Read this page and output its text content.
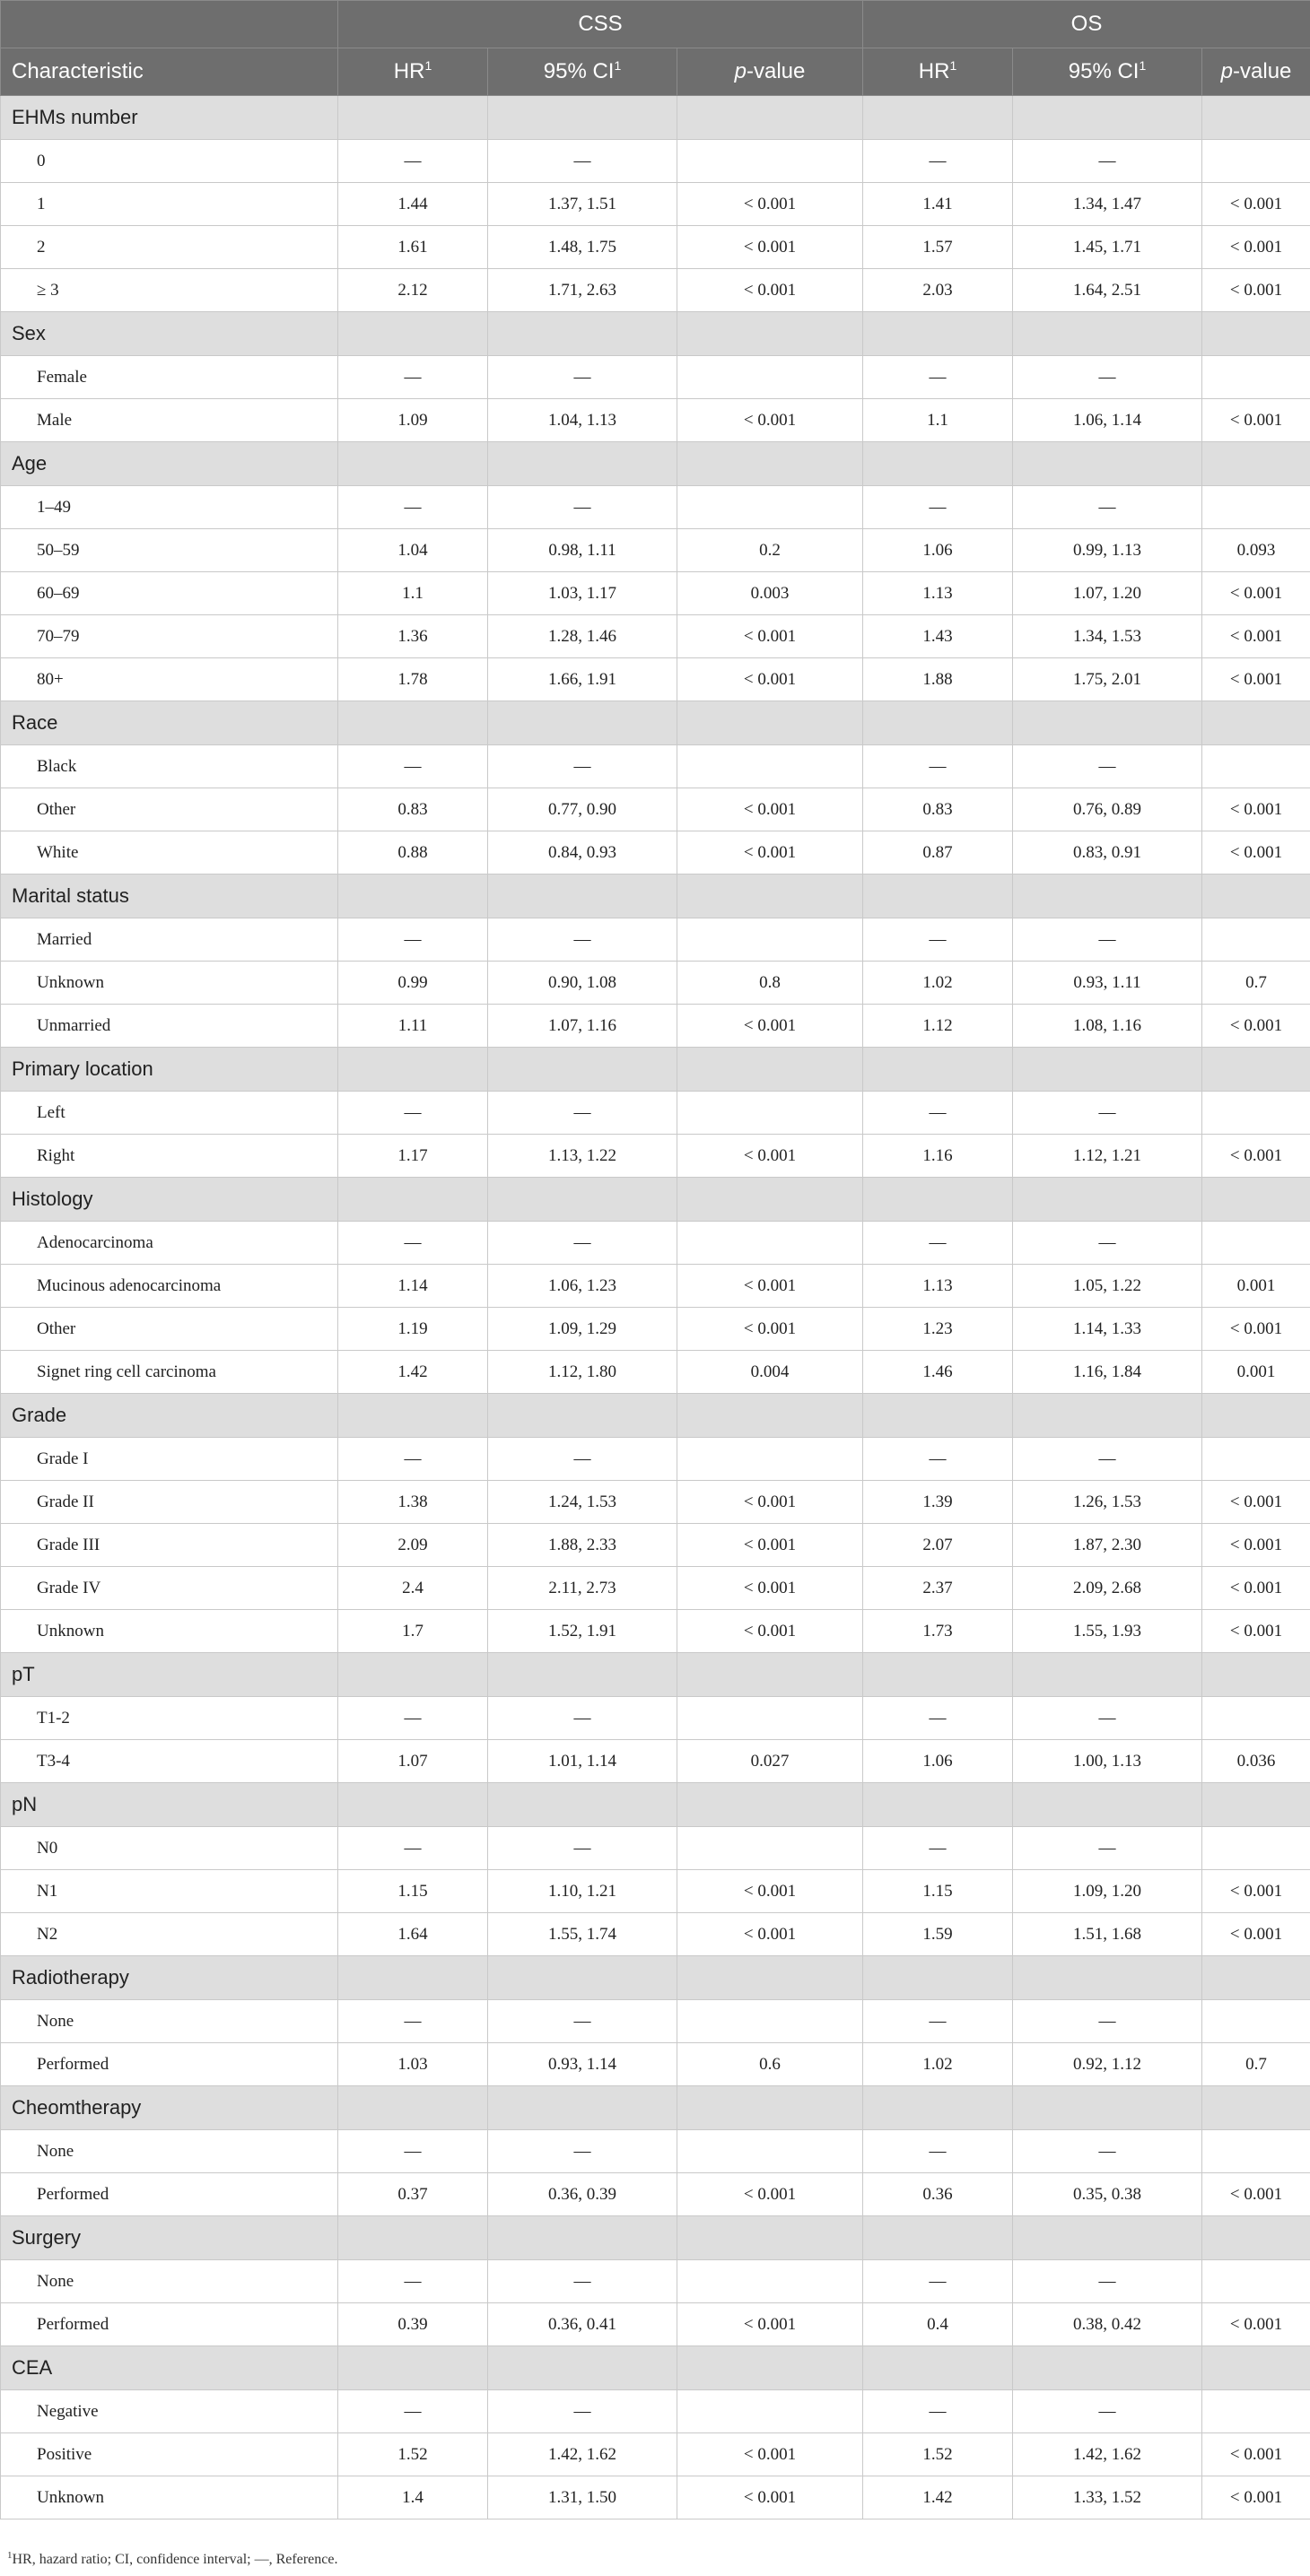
	CSS			OS		
Characteristic	$HR^1$	95% $CI^1$	p-value	$HR^1$	95% $CI^1$	p-value
EHMs number						
0	—	—		—	—	
1	1.44	1.37, 1.51	< 0.001	1.41	1.34, 1.47	< 0.001
2	1.61	1.48, 1.75	< 0.001	1.57	1.45, 1.71	< 0.001
≥ 3	2.12	1.71, 2.63	< 0.001	2.03	1.64, 2.51	< 0.001
Sex						
Female	—	—		—	—	
Male	1.09	1.04, 1.13	< 0.001	1.1	1.06, 1.14	< 0.001
Age						
1–49	—	—		—	—	
50–59	1.04	0.98, 1.11	0.2	1.06	0.99, 1.13	0.093
60–69	1.1	1.03, 1.17	0.003	1.13	1.07, 1.20	< 0.001
70–79	1.36	1.28, 1.46	< 0.001	1.43	1.34, 1.53	< 0.001
80+	1.78	1.66, 1.91	< 0.001	1.88	1.75, 2.01	< 0.001
Race						
Black	—	—		—	—	
Other	0.83	0.77, 0.90	< 0.001	0.83	0.76, 0.89	< 0.001
White	0.88	0.84, 0.93	< 0.001	0.87	0.83, 0.91	< 0.001
Marital status						
Married	—	—		—	—	
Unknown	0.99	0.90, 1.08	0.8	1.02	0.93, 1.11	0.7
Unmarried	1.11	1.07, 1.16	< 0.001	1.12	1.08, 1.16	< 0.001
Primary location						
Left	—	—		—	—	
Right	1.17	1.13, 1.22	< 0.001	1.16	1.12, 1.21	< 0.001
Histology						
Adenocarcinoma	—	—		—	—	
Mucinous adenocarcinoma	1.14	1.06, 1.23	< 0.001	1.13	1.05, 1.22	0.001
Other	1.19	1.09, 1.29	< 0.001	1.23	1.14, 1.33	< 0.001
Signet ring cell carcinoma	1.42	1.12, 1.80	0.004	1.46	1.16, 1.84	0.001
Grade						
Grade I	—	—		—	—	
Grade II	1.38	1.24, 1.53	< 0.001	1.39	1.26, 1.53	< 0.001
Grade III	2.09	1.88, 2.33	< 0.001	2.07	1.87, 2.30	< 0.001
Grade IV	2.4	2.11, 2.73	< 0.001	2.37	2.09, 2.68	< 0.001
Unknown	1.7	1.52, 1.91	< 0.001	1.73	1.55, 1.93	< 0.001
pT						
T1-2	—	—		—	—	
T3-4	1.07	1.01, 1.14	0.027	1.06	1.00, 1.13	0.036
pN						
N0	—	—		—	—	
N1	1.15	1.10, 1.21	< 0.001	1.15	1.09, 1.20	< 0.001
N2	1.64	1.55, 1.74	< 0.001	1.59	1.51, 1.68	< 0.001
Radiotherapy						
None	—	—		—	—	
Performed	1.03	0.93, 1.14	0.6	1.02	0.92, 1.12	0.7
Cheomtherapy						
None	—	—		—	—	
Performed	0.37	0.36, 0.39	< 0.001	0.36	0.35, 0.38	< 0.001
Surgery						
None	—	—		—	—	
Performed	0.39	0.36, 0.41	< 0.001	0.4	0.38, 0.42	< 0.001
CEA						
Negative	—	—		—	—	
Positive	1.52	1.42, 1.62	< 0.001	1.52	1.42, 1.62	< 0.001
Unknown	1.4	1.31, 1.50	< 0.001	1.42	1.33, 1.52	< 0.001
$^1$HR, hazard ratio; CI, confidence interval; —, Reference.
